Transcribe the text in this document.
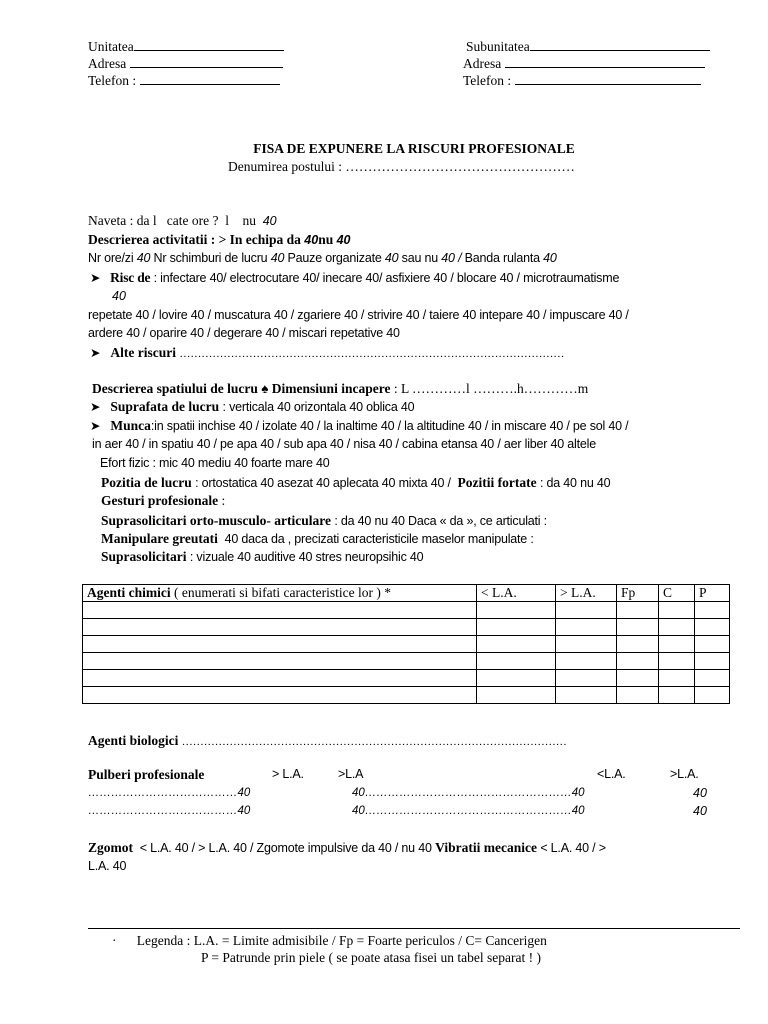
Unitatea
Adresa
Telefon :
Subunitatea
Adresa
Telefon :
FISA DE EXPUNERE LA RISCURI PROFESIONALE
Denumirea postului : ……………………………………………
Naveta : da l cate ore ? l nu 40
Descrierea activitatii : > In echipa da 40nu 40
Nr ore/zi 40 Nr schimburi de lucru 40 Pauze organizate 40 sau nu 40 / Banda rulanta 40
➤ Risc de : infectare 40/ electrocutare 40/ inecare 40/ asfixiere 40 / blocare 40 / microtraumatisme
40
repetate 40 / lovire 40 / muscatura 40 / zgariere 40 / strivire 40 / taiere 40 intepare 40 / impuscare 40 /
ardere 40 / oparire 40 / degerare 40 / miscari repetative 40
➤ Alte riscuri ……………………………………………………………………………………………
Descrierea spatiului de lucru ♠ Dimensiuni incapere : L …………l ……….h…………m
➤ Suprafata de lucru : verticala 40 orizontala 40 oblica 40
➤ Munca:in spatii inchise 40 / izolate 40 / la inaltime 40 / la altitudine 40 / in miscare 40 / pe sol 40 /
in aer 40 / in spatiu 40 / pe apa 40 / sub apa 40 / nisa 40 / cabina etansa 40 / aer liber 40 altele
Efort fizic : mic 40 mediu 40 foarte mare 40
Pozitia de lucru : ortostatica 40 asezat 40 aplecata 40 mixta 40 / Pozitii fortate : da 40 nu 40
Gesturi profesionale :
Suprasolicitari orto-musculo- articulare : da 40 nu 40 Daca « da », ce articulati :
Manipulare greutati 40 daca da , precizati caracteristicile maselor manipulate :
Suprasolicitari : vizuale 40 auditive 40 stres neuropsihic 40
Agenti chimici ( enumerati si bifati caracteristice lor ) *	< L.A.	> L.A.	Fp	C	P

Agenti biologici ……………………………………………………………………………………………
Pulberi profesionale	> L.A.	>L.A	<L.A.	>L.A.
…………………………………40	40………………………………………………40	40
…………………………………40	40………………………………………………40	40
Zgomot < L.A. 40 / > L.A. 40 / Zgomote impulsive da 40 / nu 40 Vibratii mecanice < L.A. 40 / >
L.A. 40
· Legenda : L.A. = Limite admisibile / Fp = Foarte periculos / C= Cancerigen
P = Patrunde prin piele ( se poate atasa fisei un tabel separat ! )
